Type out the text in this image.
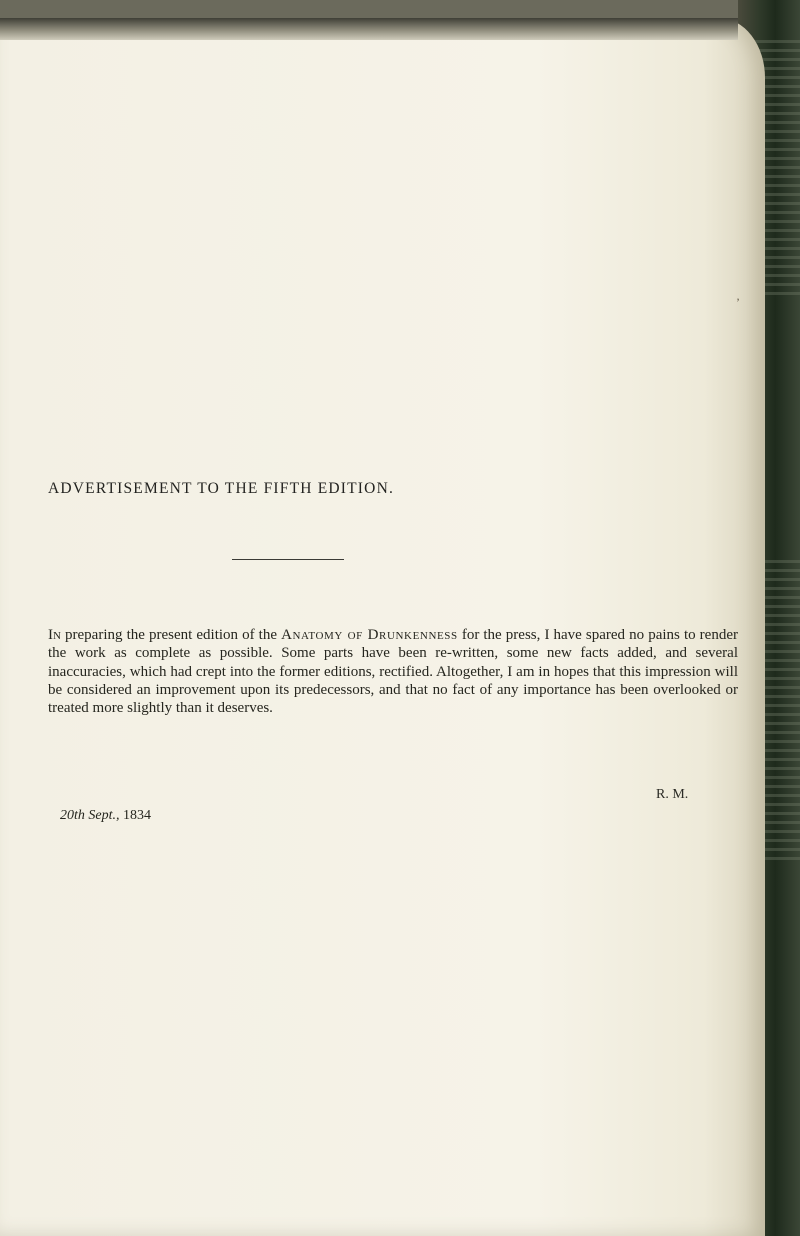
’
ADVERTISEMENT TO THE FIFTH EDITION.

In preparing the present edition of the Anatomy of Drunkenness for the press, I have spared no pains to render the work as complete as possible. Some parts have been re-written, some new facts added, and several inaccuracies, which had crept into the former editions, rectified. Altogether, I am in hopes that this impression will be considered an improvement upon its predecessors, and that no fact of any importance has been overlooked or treated more slightly than it deserves.

R. M.
20th Sept., 1834
